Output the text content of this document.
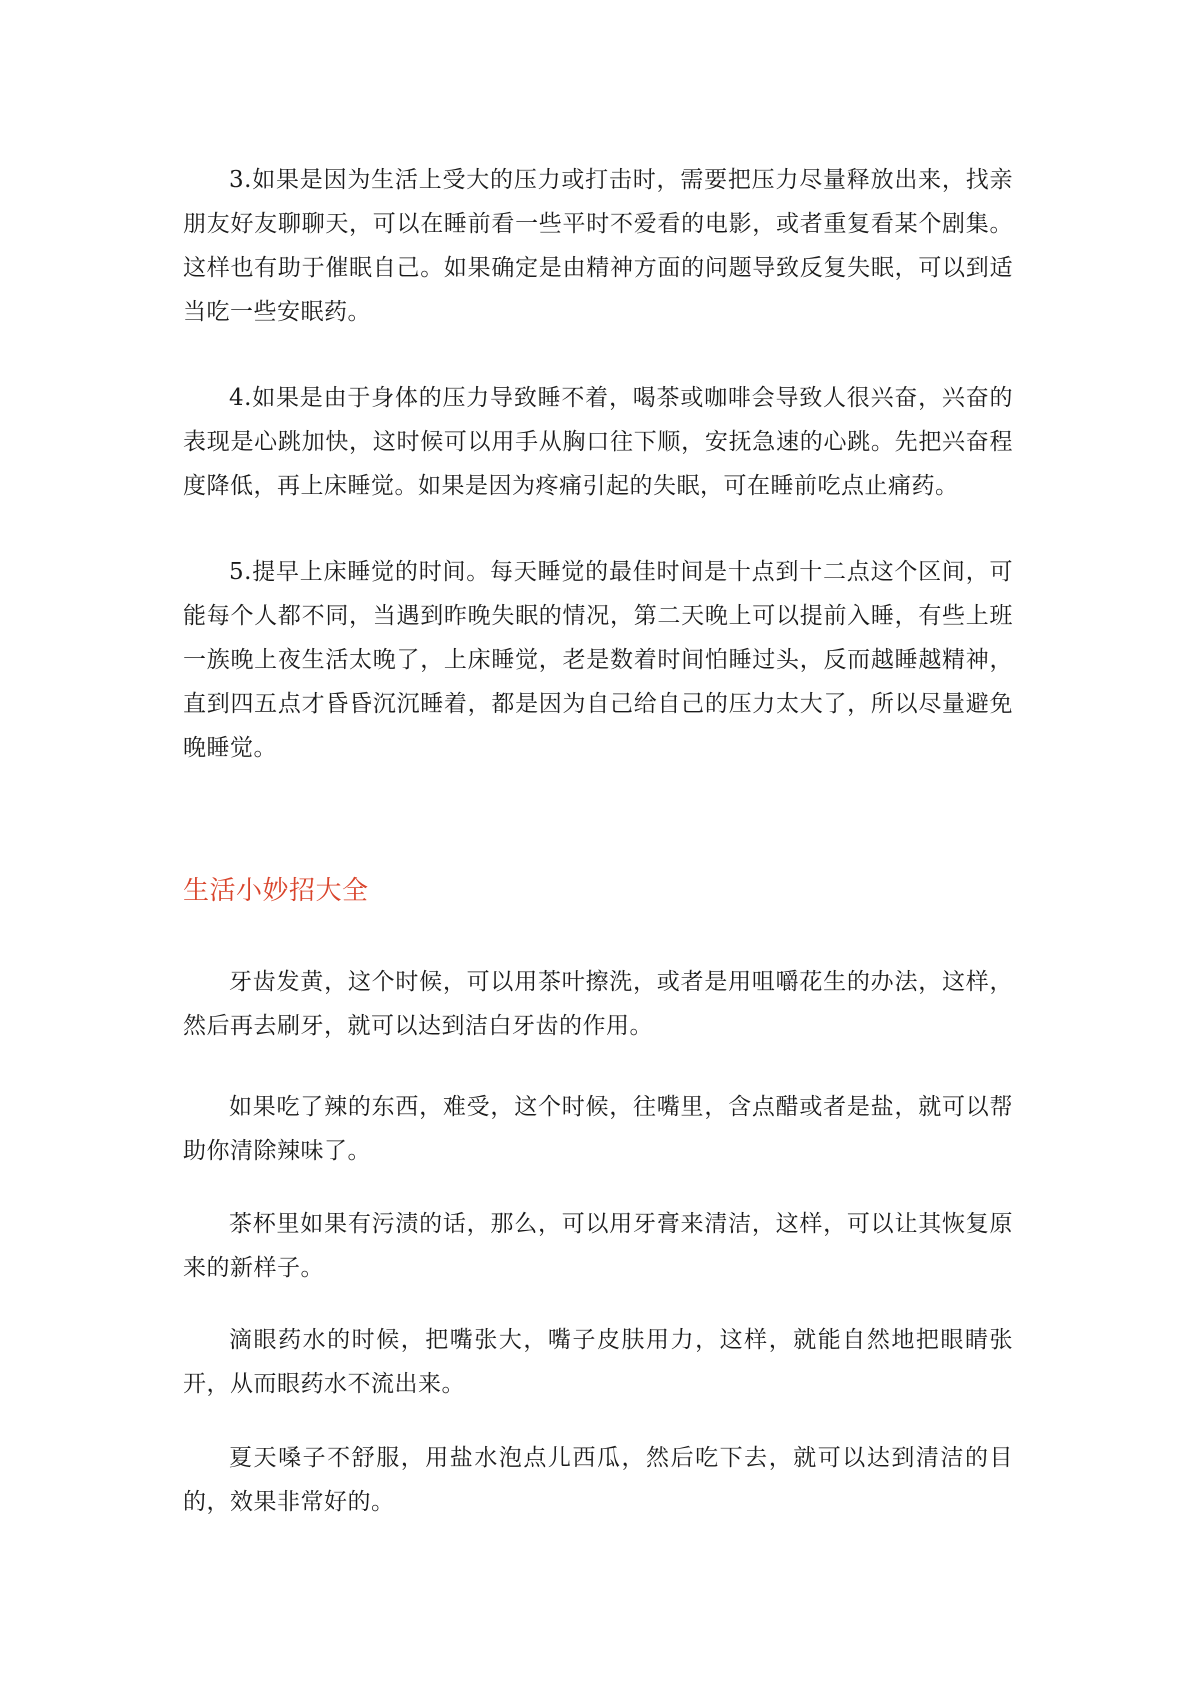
3.如果是因为生活上受大的压力或打击时，需要把压力尽量释放出来，找亲朋友好友聊聊天，可以在睡前看一些平时不爱看的电影，或者重复看某个剧集。这样也有助于催眠自己。如果确定是由精神方面的问题导致反复失眠，可以到适当吃一些安眠药。

4.如果是由于身体的压力导致睡不着，喝茶或咖啡会导致人很兴奋，兴奋的表现是心跳加快，这时候可以用手从胸口往下顺，安抚急速的心跳。先把兴奋程度降低，再上床睡觉。如果是因为疼痛引起的失眠，可在睡前吃点止痛药。

5.提早上床睡觉的时间。每天睡觉的最佳时间是十点到十二点这个区间，可能每个人都不同，当遇到昨晚失眠的情况，第二天晚上可以提前入睡，有些上班一族晚上夜生活太晚了，上床睡觉，老是数着时间怕睡过头，反而越睡越精神，直到四五点才昏昏沉沉睡着，都是因为自己给自己的压力太大了，所以尽量避免晚睡觉。

生活小妙招大全

牙齿发黄，这个时候，可以用茶叶擦洗，或者是用咀嚼花生的办法，这样，然后再去刷牙，就可以达到洁白牙齿的作用。

如果吃了辣的东西，难受，这个时候，往嘴里，含点醋或者是盐，就可以帮助你清除辣味了。

茶杯里如果有污渍的话，那么，可以用牙膏来清洁，这样，可以让其恢复原来的新样子。

滴眼药水的时候，把嘴张大，嘴子皮肤用力，这样，就能自然地把眼睛张开，从而眼药水不流出来。

夏天嗓子不舒服，用盐水泡点儿西瓜，然后吃下去，就可以达到清洁的目的，效果非常好的。
